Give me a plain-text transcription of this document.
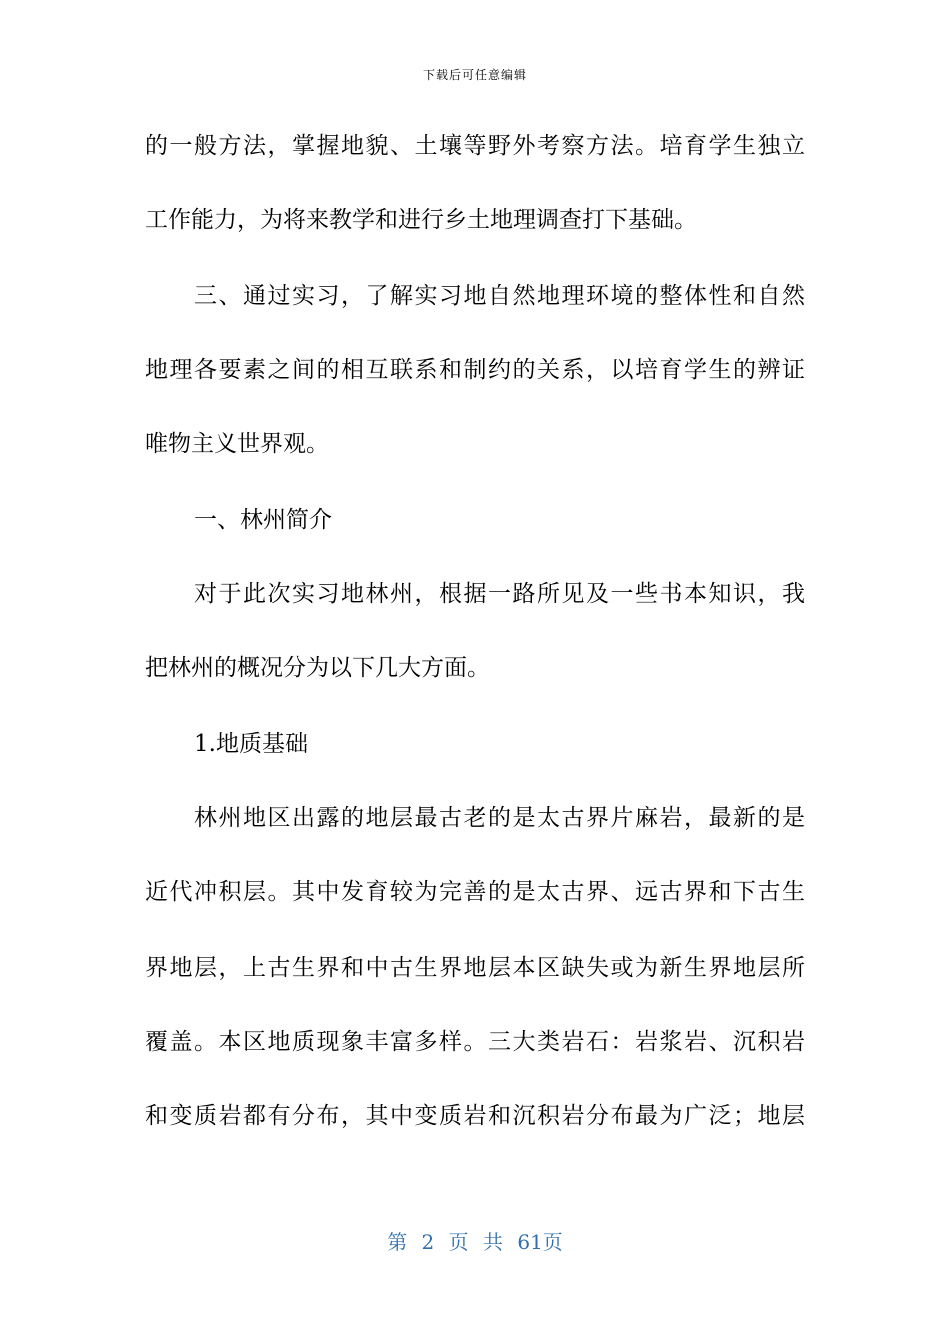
下载后可任意编辑
的一般方法，掌握地貌、土壤等野外考察方法。培育学生独立
工作能力，为将来教学和进行乡土地理调查打下基础。
三、通过实习，了解实习地自然地理环境的整体性和自然
地理各要素之间的相互联系和制约的关系，以培育学生的辨证
唯物主义世界观。
一、林州简介
对于此次实习地林州，根据一路所见及一些书本知识，我
把林州的概况分为以下几大方面。
1.地质基础
林州地区出露的地层最古老的是太古界片麻岩，最新的是
近代冲积层。其中发育较为完善的是太古界、远古界和下古生
界地层，上古生界和中古生界地层本区缺失或为新生界地层所
覆盖。本区地质现象丰富多样。三大类岩石：岩浆岩、沉积岩
和变质岩都有分布，其中变质岩和沉积岩分布最为广泛；地层
第 2 页 共 61页
